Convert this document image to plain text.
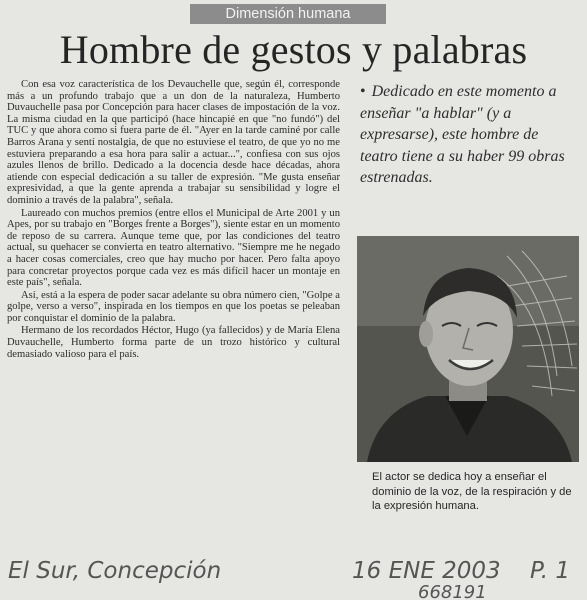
Dimensión humana
Hombre de gestos y palabras

Con esa voz característica de los Devauchelle que, según él, corresponde más a un profundo trabajo que a un don de la naturaleza, Humberto Duvauchelle pasa por Concepción para hacer clases de impostación de la voz. La misma ciudad en la que participó (hace hincapié en que "no fundó") del TUC y que ahora como si fuera parte de él. "Ayer en la tarde caminé por calle Barros Arana y sentí nostalgia, de que no estuviese el teatro, de que yo no me estuviera preparando a esa hora para salir a actuar...", confiesa con sus ojos azules llenos de brillo. Dedicado a la docencia desde hace décadas, ahora atiende con especial dedicación a su taller de expresión. "Me gusta enseñar expresividad, a que la gente aprenda a trabajar su sensibilidad y logre el dominio a través de la palabra", señala.

Laureado con muchos premios (entre ellos el Municipal de Arte 2001 y un Apes, por su trabajo en "Borges frente a Borges"), siente estar en un momento de reposo de su carrera. Aunque teme que, por las condiciones del teatro actual, su quehacer se convierta en teatro alternativo. "Siempre me he negado a hacer cosas comerciales, creo que hay mucho por hacer. Pero falta apoyo para concretar proyectos porque cada vez es más difícil hacer un montaje en este país", señala.

Así, está a la espera de poder sacar adelante su obra número cien, "Golpe a golpe, verso a verso", inspirada en los tiempos en que los poetas se peleaban por conquistar el dominio de la palabra.

Hermano de los recordados Héctor, Hugo (ya fallecidos) y de María Elena Duvauchelle, Humberto forma parte de un trozo histórico y cultural demasiado valioso para el país.

• Dedicado en este momento a enseñar "a hablar" (y a expresarse), este hombre de teatro tiene a su haber 99 obras estrenadas.
El actor se dedica hoy a enseñar el dominio de la voz, de la respiración y de la expresión humana.
El Sur, Concepción	16 ENE 2003 P. 1
668191
